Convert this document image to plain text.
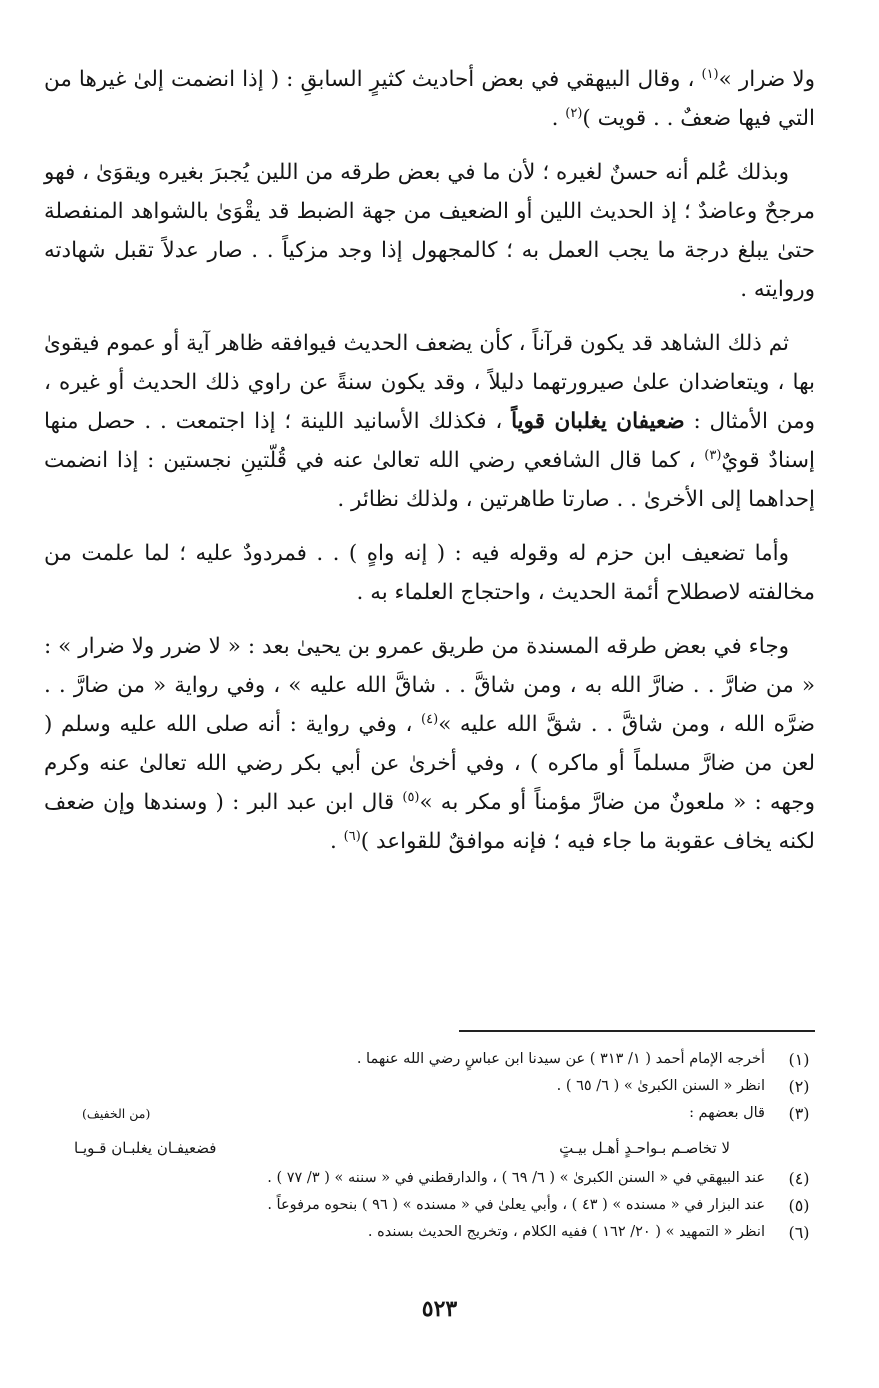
ولا ضرار »$^{(١)}$ ، وقال البيهقي في بعض أحاديث كثيرٍ السابقِ : ( إذا انضمت إلىٰ غيرها من التي فيها ضعفٌ . . قويت )$^{(٢)}$ .

وبذلك عُلم أنه حسنٌ لغيره ؛ لأن ما في بعض طرقه من اللين يُجبرَ بغيره ويقوَىٰ ، فهو مرجحٌ وعاضدٌ ؛ إذ الحديث اللين أو الضعيف من جهة الضبط قد يقْوَىٰ بالشواهد المنفصلة حتىٰ يبلغ درجة ما يجب العمل به ؛ كالمجهول إذا وجد مزكياً . . صار عدلاً تقبل شهادته وروايته .

ثم ذلك الشاهد قد يكون قرآناً ، كأن يضعف الحديث فيوافقه ظاهر آية أو عموم فيقوىٰ بها ، ويتعاضدان علىٰ صيرورتهما دليلاً ، وقد يكون سنةً عن راوي ذلك الحديث أو غيره ، ومن الأمثال : ضعيفان يغلبان قوياً ، فكذلك الأسانيد اللينة ؛ إذا اجتمعت . . حصل منها إسنادٌ قويٌ$^{(٣)}$ ، كما قال الشافعي رضي الله تعالىٰ عنه في قُلّتينِ نجستين : إذا انضمت إحداهما إلى الأخرىٰ . . صارتا طاهرتين ، ولذلك نظائر .

وأما تضعيف ابن حزم له وقوله فيه : ( إنه واهٍ ) . . فمردودٌ عليه ؛ لما علمت من مخالفته لاصطلاح أئمة الحديث ، واحتجاج العلماء به .

وجاء في بعض طرقه المسندة من طريق عمرو بن يحيىٰ بعد : « لا ضرر ولا ضرار » : « من ضارَّ . . ضارَّ الله به ، ومن شاقَّ . . شاقَّ الله عليه » ، وفي رواية « من ضارَّ . . ضرَّه الله ، ومن شاقَّ . . شقَّ الله عليه »$^{(٤)}$ ، وفي رواية : أنه صلى الله عليه وسلم ( لعن من ضارَّ مسلماً أو ماكره ) ، وفي أخرىٰ عن أبي بكر رضي الله تعالىٰ عنه وكرم وجهه : « ملعونٌ من ضارَّ مؤمناً أو مكر به »$^{(٥)}$ قال ابن عبد البر : ( وسندها وإن ضعف لكنه يخاف عقوبة ما جاء فيه ؛ فإنه موافقٌ للقواعد )$^{(٦)}$ .

(١)
أخرجه الإمام أحمد ( ١/ ٣١٣ ) عن سيدنا ابن عباسٍ رضي الله عنهما .
(٢)
انظر « السنن الكبرىٰ » ( ٦/ ٦٥ ) .
(٣)
قال بعضهم :
(من الخفيف)
لا تخاصـم بـواحـدٍ أهـل بيـتٍ
فضعيفـان يغلبـان قـويـا
(٤)
عند البيهقي في « السنن الكبرىٰ » ( ٦/ ٦٩ ) ، والدارقطني في « سننه » ( ٣/ ٧٧ ) .
(٥)
عند البزار في « مسنده » ( ٤٣ ) ، وأبي يعلىٰ في « مسنده » ( ٩٦ ) بنحوه مرفوعاً .
(٦)
انظر « التمهيد » ( ٢٠/ ١٦٢ ) ففيه الكلام ، وتخريج الحديث بسنده .
٥٢٣
